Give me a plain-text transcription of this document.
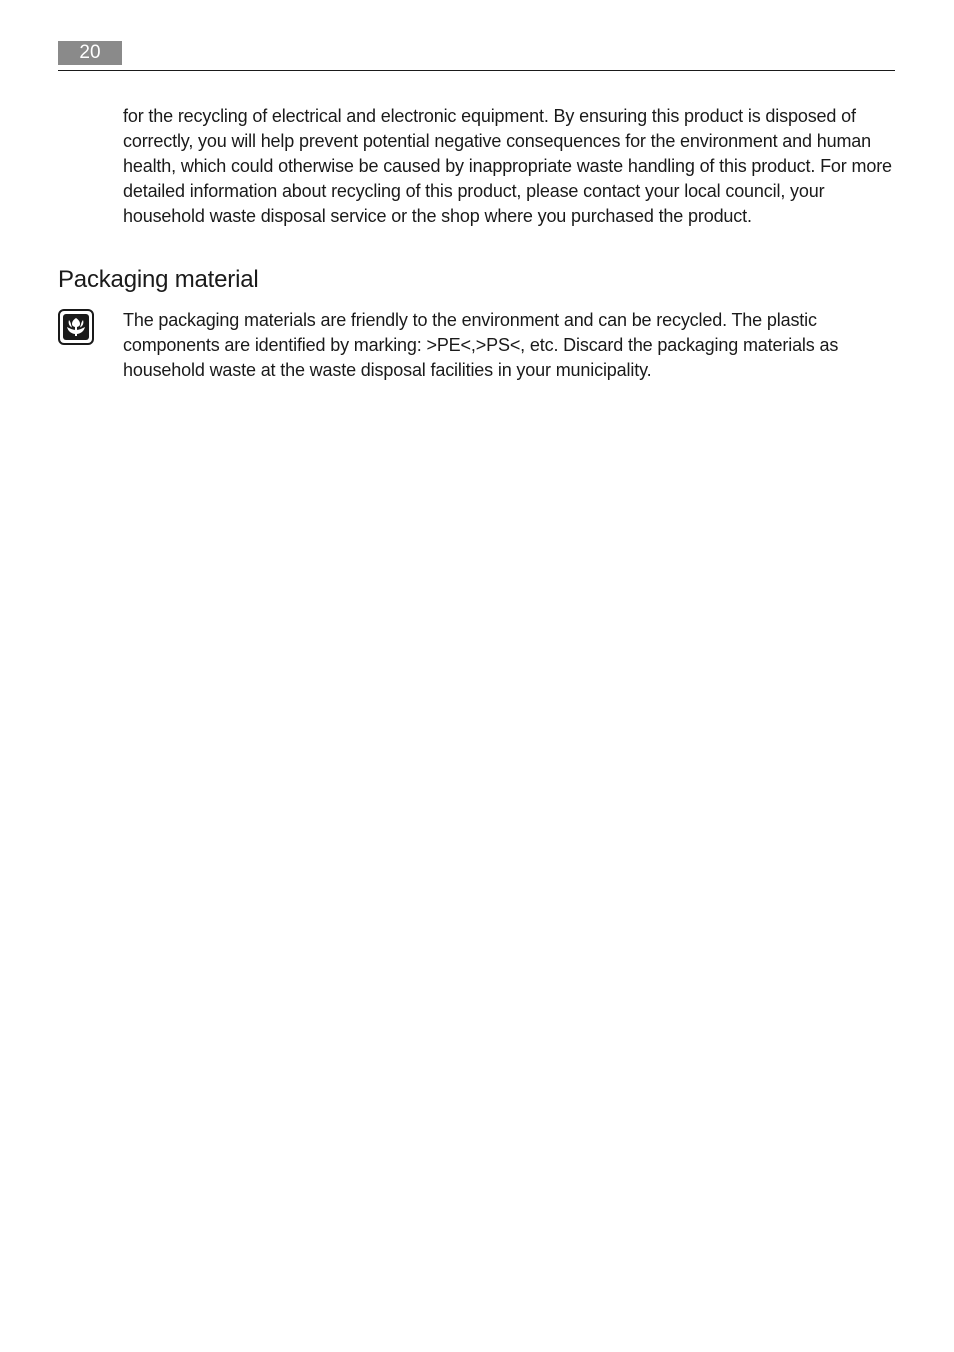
20

for the recycling of electrical and electronic equipment. By ensuring this product is disposed of correctly, you will help prevent potential negative consequences for the environment and human health, which could otherwise be caused by inappropriate waste handling of this product. For more detailed information about recycling of this product, please contact your local council, your household waste disposal service or the shop where you purchased the product.

Packaging material

The packaging materials are friendly to the environment and can be recycled. The plastic components are identified by marking: >PE<,>PS<, etc. Discard the packaging materials as household waste at the waste disposal facilities in your municipality.
